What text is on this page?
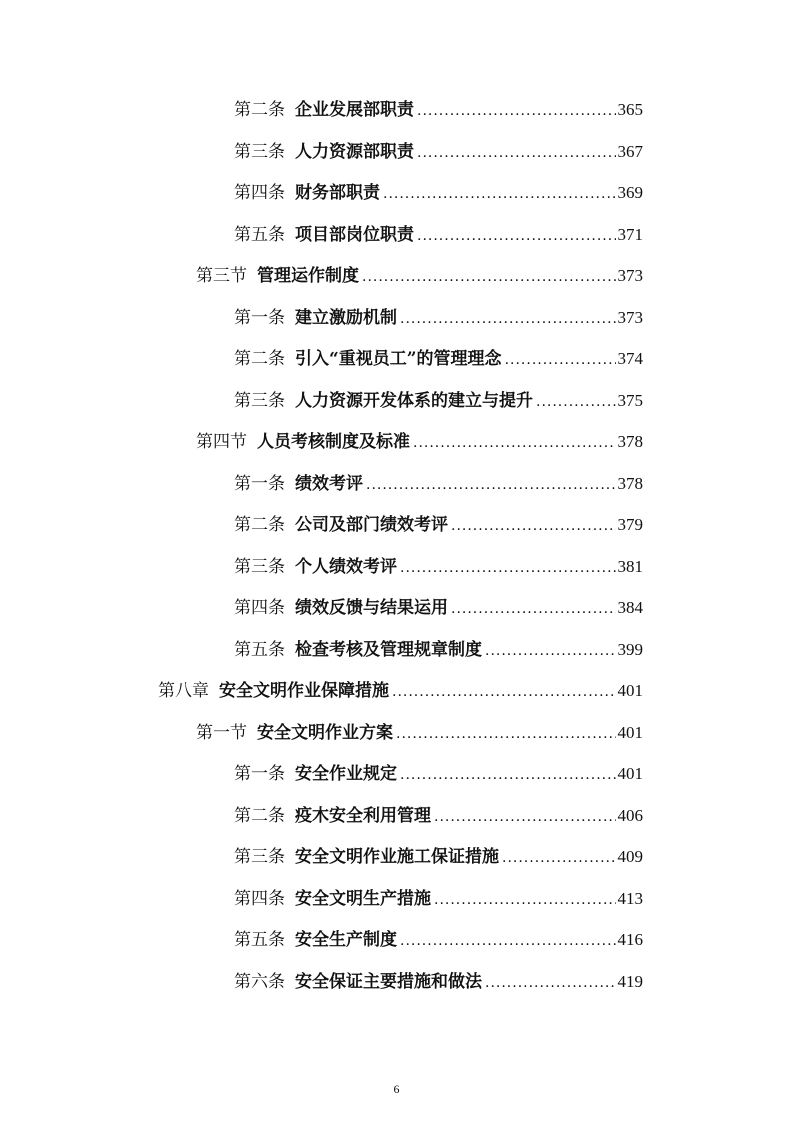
第二条 企业发展部职责 .....	365
第三条 人力资源部职责 .....	367
第四条 财务部职责 .....	369
第五条 项目部岗位职责 .....	371
第三节 管理运作制度 .....	373
第一条 建立激励机制 .....	373
第二条 引入“重视员工”的管理理念 .....	374
第三条 人力资源开发体系的建立与提升 .....	375
第四节 人员考核制度及标准 .....	378
第一条 绩效考评 .....	378
第二条 公司及部门绩效考评 .....	379
第三条 个人绩效考评 .....	381
第四条 绩效反馈与结果运用 .....	384
第五条 检查考核及管理规章制度 .....	399
第八章 安全文明作业保障措施 .....	401
第一节 安全文明作业方案 .....	401
第一条 安全作业规定 .....	401
第二条 疫木安全利用管理 .....	406
第三条 安全文明作业施工保证措施 .....	409
第四条 安全文明生产措施 .....	413
第五条 安全生产制度 .....	416
第六条 安全保证主要措施和做法 .....	419
6
